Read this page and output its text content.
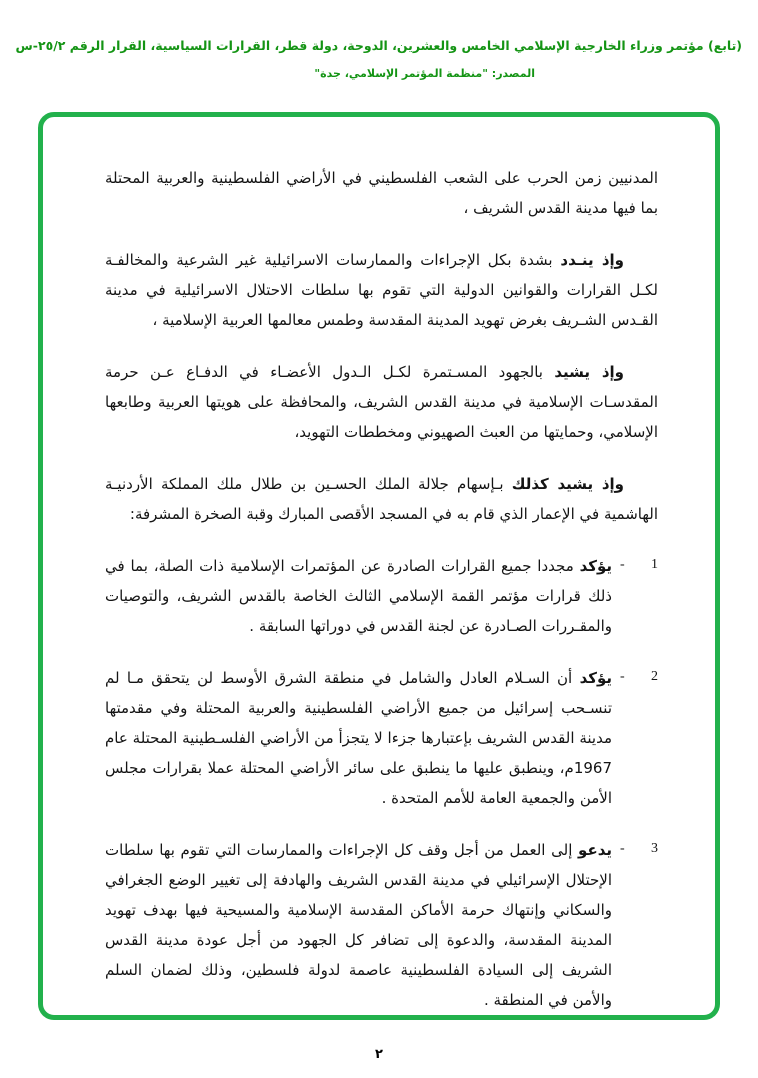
(تابع) مؤتمر وزراء الخارجية الإسلامي الخامس والعشرين، الدوحة، دولة قطر، القرارات السياسية، القرار الرقم ٢٥/٢-س
المصدر: "منظمة المؤتمر الإسلامي، جدة"

المدنيين زمن الحرب على الشعب الفلسطيني في الأراضي الفلسطينية والعربية المحتلة بما فيها مدينة القدس الشريف ،

وإذ ينـدد بشدة بكل الإجراءات والممارسات الاسرائيلية غير الشرعية والمخالفـة لكـل القرارات والقوانين الدولية التي تقوم بها سلطات الاحتلال الاسرائيلية في مدينة القـدس الشـريف بغرض تهويد المدينة المقدسة وطمس معالمها العربية الإسلامية ،

وإذ يشيد بالجهود المسـتمرة لكـل الـدول الأعضـاء في الدفـاع عـن حرمة المقدسـات الإسلامية في مدينة القدس الشريف، والمحافظة على هويتها العربية وطابعها الإسلامي، وحمايتها من العبث الصهيوني ومخططات التهويد،

وإذ يشيد كذلك بـإسهام جلالة الملك الحسـين بن طلال ملك المملكة الأردنيـة الهاشمية في الإعمار الذي قام به في المسجد الأقصى المبارك وقبة الصخرة المشرفة:

1
-
يؤكد مجددا جميع القرارات الصادرة عن المؤتمرات الإسلامية ذات الصلة، بما في ذلك قرارات مؤتمر القمة الإسلامي الثالث الخاصة بالقدس الشريف، والتوصيات والمقـررات الصـادرة عن لجنة القدس في دوراتها السابقة .
2
-
يؤكد أن السـلام العادل والشامل في منطقة الشرق الأوسط لن يتحقق مـا لم تنسـحب إسرائيل من جميع الأراضي الفلسطينية والعربية المحتلة وفي مقدمتها مدينة القدس الشريف بإعتبارها جزءا لا يتجزأ من الأراضي الفلسـطينية المحتلة عام 1967م، وينطبق عليها ما ينطبق على سائر الأراضي المحتلة عملا بقرارات مجلس الأمن والجمعية العامة للأمم المتحدة .
3
-
يدعو إلى العمل من أجل وقف كل الإجراءات والممارسات التي تقوم بها سلطات الإحتلال الإسرائيلي في مدينة القدس الشريف والهادفة إلى تغيير الوضع الجغرافي والسكاني وإنتهاك حرمة الأماكن المقدسة الإسلامية والمسيحية فيها بهدف تهويد المدينة المقدسة، والدعوة إلى تضافر كل الجهود من أجل عودة مدينة القدس الشريف إلى السيادة الفلسطينية عاصمة لدولة فلسطين، وذلك لضمان السلم والأمن في المنطقة .
٢
